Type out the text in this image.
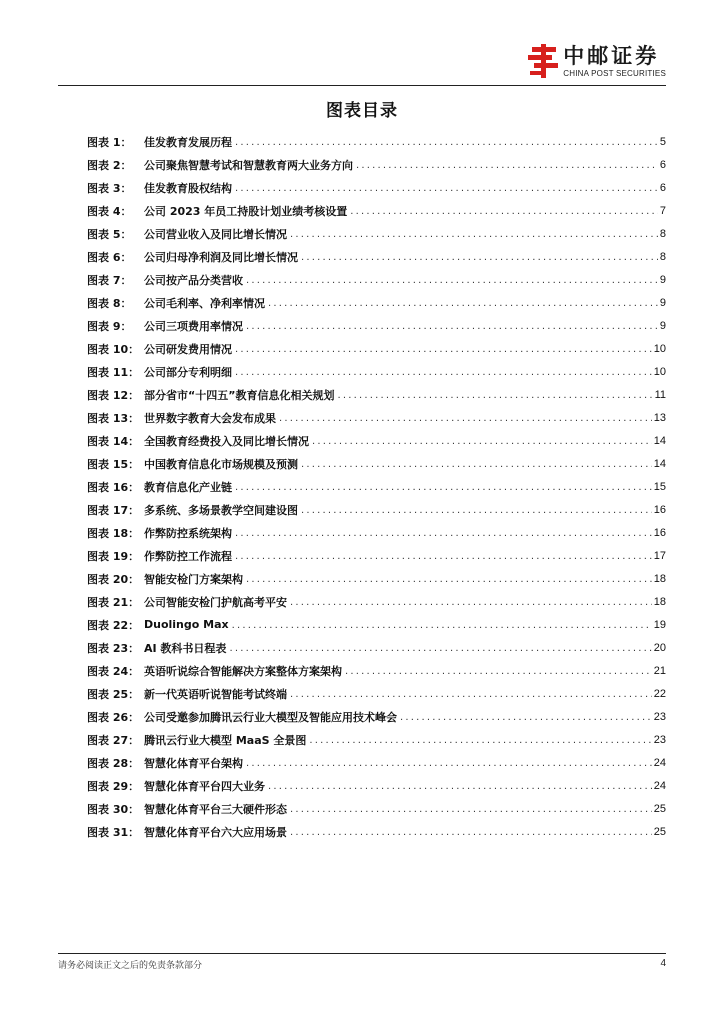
中邮证券
CHINA POST SECURITIES
图表目录
图表 1：	佳发教育发展历程 .....	5
图表 2：	公司聚焦智慧考试和智慧教育两大业务方向 .....	6
图表 3：	佳发教育股权结构 .....	6
图表 4：	公司 2023 年员工持股计划业绩考核设置 .....	7
图表 5：	公司营业收入及同比增长情况 .....	8
图表 6：	公司归母净利润及同比增长情况 .....	8
图表 7：	公司按产品分类营收 .....	9
图表 8：	公司毛利率、净利率情况 .....	9
图表 9：	公司三项费用率情况 .....	9
图表 10： 公司研发费用情况 .....	10
图表 11： 公司部分专利明细 .....	10
图表 12： 部分省市“十四五”教育信息化相关规划 .....	11
图表 13： 世界数字教育大会发布成果 .....	13
图表 14： 全国教育经费投入及同比增长情况 .....	14
图表 15： 中国教育信息化市场规模及预测 .....	14
图表 16： 教育信息化产业链 .....	15
图表 17： 多系统、多场景教学空间建设图 .....	16
图表 18： 作弊防控系统架构 .....	16
图表 19： 作弊防控工作流程 .....	17
图表 20： 智能安检门方案架构 .....	18
图表 21： 公司智能安检门护航高考平安 .....	18
图表 22： Duolingo Max .....	19
图表 23： AI 教科书日程表 .....	20
图表 24： 英语听说综合智能解决方案整体方案架构 .....	21
图表 25： 新一代英语听说智能考试终端 .....	22
图表 26： 公司受邀参加腾讯云行业大模型及智能应用技术峰会 .....	23
图表 27： 腾讯云行业大模型 MaaS 全景图 .....	23
图表 28： 智慧化体育平台架构 .....	24
图表 29： 智慧化体育平台四大业务 .....	24
图表 30： 智慧化体育平台三大硬件形态 .....	25
图表 31： 智慧化体育平台六大应用场景 .....	25
请务必阅读正文之后的免责条款部分	4
